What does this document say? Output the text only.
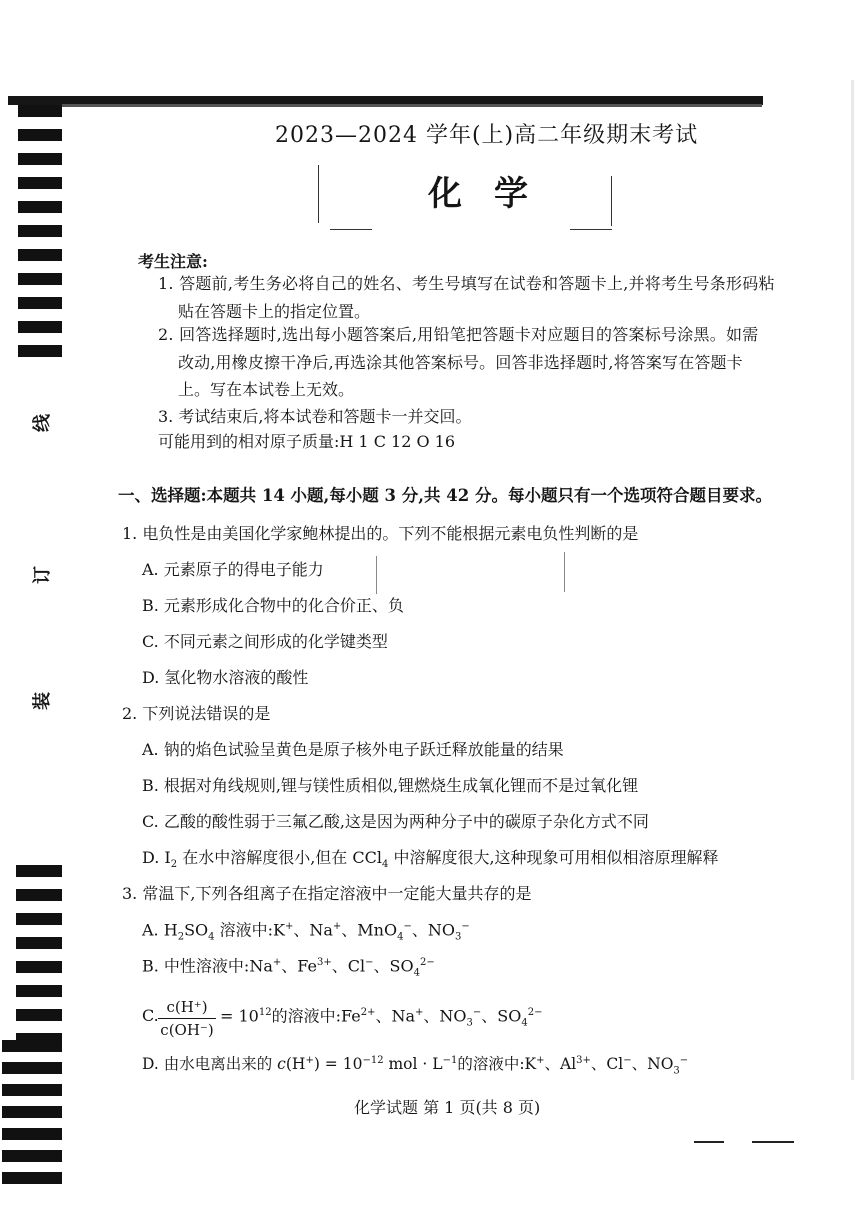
线
订
装
2023—2024 学年(上)高二年级期末考试
化学
考生注意:
1. 答题前,考生务必将自己的姓名、考生号填写在试卷和答题卡上,并将考生号条形码粘
贴在答题卡上的指定位置。
2. 回答选择题时,选出每小题答案后,用铅笔把答题卡对应题目的答案标号涂黑。如需
改动,用橡皮擦干净后,再选涂其他答案标号。回答非选择题时,将答案写在答题卡
上。写在本试卷上无效。
3. 考试结束后,将本试卷和答题卡一并交回。
可能用到的相对原子质量:H 1 C 12 O 16
一、选择题:本题共 14 小题,每小题 3 分,共 42 分。每小题只有一个选项符合题目要求。
1. 电负性是由美国化学家鲍林提出的。下列不能根据元素电负性判断的是
A. 元素原子的得电子能力
B. 元素形成化合物中的化合价正、负
C. 不同元素之间形成的化学键类型
D. 氢化物水溶液的酸性
2. 下列说法错误的是
A. 钠的焰色试验呈黄色是原子核外电子跃迁释放能量的结果
B. 根据对角线规则,锂与镁性质相似,锂燃烧生成氧化锂而不是过氧化锂
C. 乙酸的酸性弱于三氟乙酸,这是因为两种分子中的碳原子杂化方式不同
D. $I_2$ 在水中溶解度很小,但在 CCl$_4$ 中溶解度很大,这种现象可用相似相溶原理解释
3. 常温下,下列各组离子在指定溶液中一定能大量共存的是
A. $H_2SO_4$ 溶液中:K+、Na+、MnO$_4$−、$NO_3^-$
B. 中性溶液中:Na+、$Fe^{3+}$、Cl−、$SO_4^{2-}$
C. $\frac{c(H^+)}{c(OH^-)} = 10^{12}$的溶液中$:Fe^{2+}$、Na+、$NO_3^-$、$SO_4^{2-}$
D. 由水电离出来的 $c(H^+) = 10^{-12}$ mol · $L^{-1}$的溶液中:K+、$Al^{3+}$、Cl−、$NO_3^-$
化学试题 第 1 页(共 8 页)
